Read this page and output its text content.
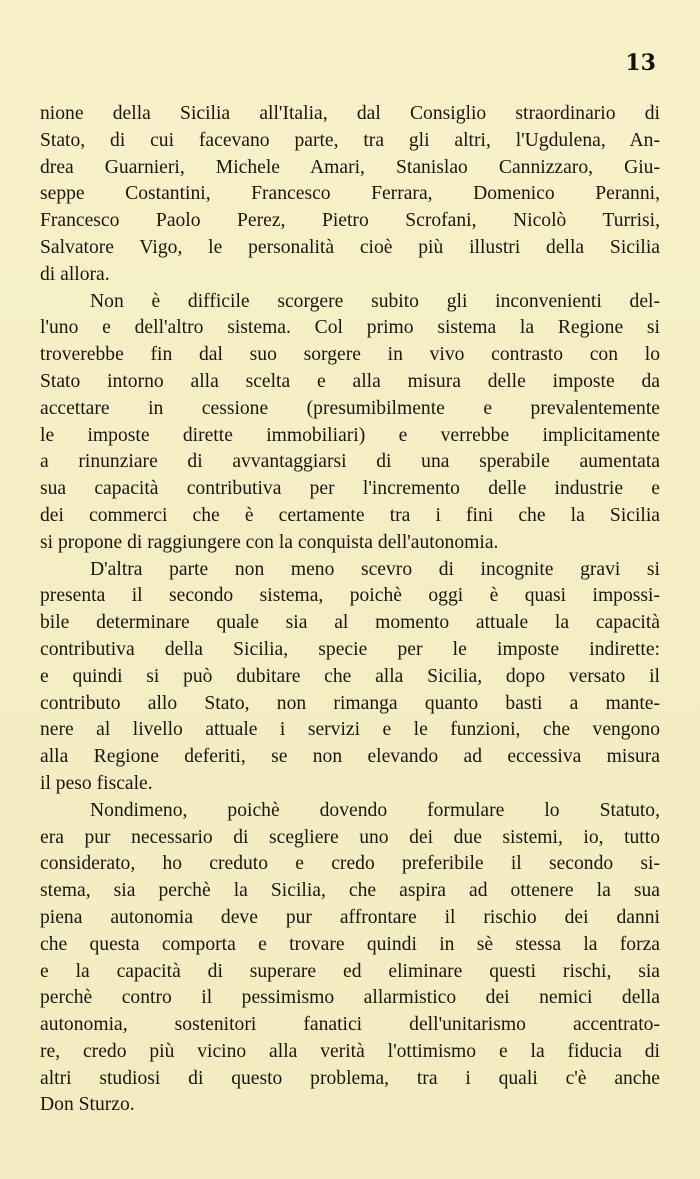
13
nione della Sicilia all'Italia, dal Consiglio straordinario di
Stato, di cui facevano parte, tra gli altri, l'Ugdulena, An-
drea Guarnieri, Michele Amari, Stanislao Cannizzaro, Giu-
seppe Costantini, Francesco Ferrara, Domenico Peranni,
Francesco Paolo Perez, Pietro Scrofani, Nicolò Turrisi,
Salvatore Vigo, le personalità cioè più illustri della Sicilia
di allora.
Non è difficile scorgere subito gli inconvenienti del-
l'uno e dell'altro sistema. Col primo sistema la Regione si
troverebbe fin dal suo sorgere in vivo contrasto con lo
Stato intorno alla scelta e alla misura delle imposte da
accettare in cessione (presumibilmente e prevalentemente
le imposte dirette immobiliari) e verrebbe implicitamente
a rinunziare di avvantaggiarsi di una sperabile aumentata
sua capacità contributiva per l'incremento delle industrie e
dei commerci che è certamente tra i fini che la Sicilia
si propone di raggiungere con la conquista dell'autonomia.
D'altra parte non meno scevro di incognite gravi si
presenta il secondo sistema, poichè oggi è quasi impossi-
bile determinare quale sia al momento attuale la capacità
contributiva della Sicilia, specie per le imposte indirette:
e quindi si può dubitare che alla Sicilia, dopo versato il
contributo allo Stato, non rimanga quanto basti a mante-
nere al livello attuale i servizi e le funzioni, che vengono
alla Regione deferiti, se non elevando ad eccessiva misura
il peso fiscale.
Nondimeno, poichè dovendo formulare lo Statuto,
era pur necessario di scegliere uno dei due sistemi, io, tutto
considerato, ho creduto e credo preferibile il secondo si-
stema, sia perchè la Sicilia, che aspira ad ottenere la sua
piena autonomia deve pur affrontare il rischio dei danni
che questa comporta e trovare quindi in sè stessa la forza
e la capacità di superare ed eliminare questi rischi, sia
perchè contro il pessimismo allarmistico dei nemici della
autonomia, sostenitori fanatici dell'unitarismo accentrato-
re, credo più vicino alla verità l'ottimismo e la fiducia di
altri studiosi di questo problema, tra i quali c'è anche
Don Sturzo.
